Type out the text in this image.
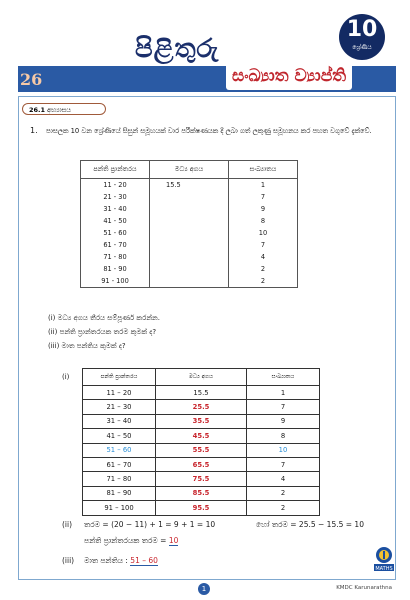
පිළිතුරු
10
ශ්‍රේණිය
26	සංඛ්‍යාත ව්‍යාප්ති
26.1 අභ්‍යාසය
1. පාසලක 10 වන ශ්‍රේණියේ සිසුන් සමූහයක් වාර පරීක්ෂණයක දී ලබා ගත් ලකුණු සමූහනය කර පහත වගුවේ දැක්වේ.
පන්ති ප්‍රාන්තරය	මධ්‍ය අගය	සංඛ්‍යාතය
11 - 20	15.5	1
21 - 30		7
31 - 40		9
41 - 50		8
51 - 60		10
61 - 70		7
71 - 80		4
81 - 90		2
91 - 100		2
(i) මධ්‍ය අගය තීරය සම්පූර්ණ කරන්න.
(ii) පන්ති ප්‍රාන්තරයක තරම කුමක් ද?
(iii) මාත පන්තිය කුමක් ද?
(i)	පන්ති ප්‍රාන්තරය	මධ්‍ය අගය	සංඛ්‍යාතය
11 – 20	15.5	1
21 – 30	25.5	7
31 – 40	35.5	9
41 – 50	45.5	8
51 – 60	55.5	10
61 – 70	65.5	7
71 – 80	75.5	4
81 – 90	85.5	2
91 – 100	95.5	2
(ii) තරම = (20 − 11) + 1 = 9 + 1 = 10	හෝ තරම = 25.5 − 15.5 = 10
පන්ති ප්‍රාන්තරයක තරම = 10
(iii) මාත පන්තිය : 51 – 60
MATHS
1	KMDC Karunarathna
